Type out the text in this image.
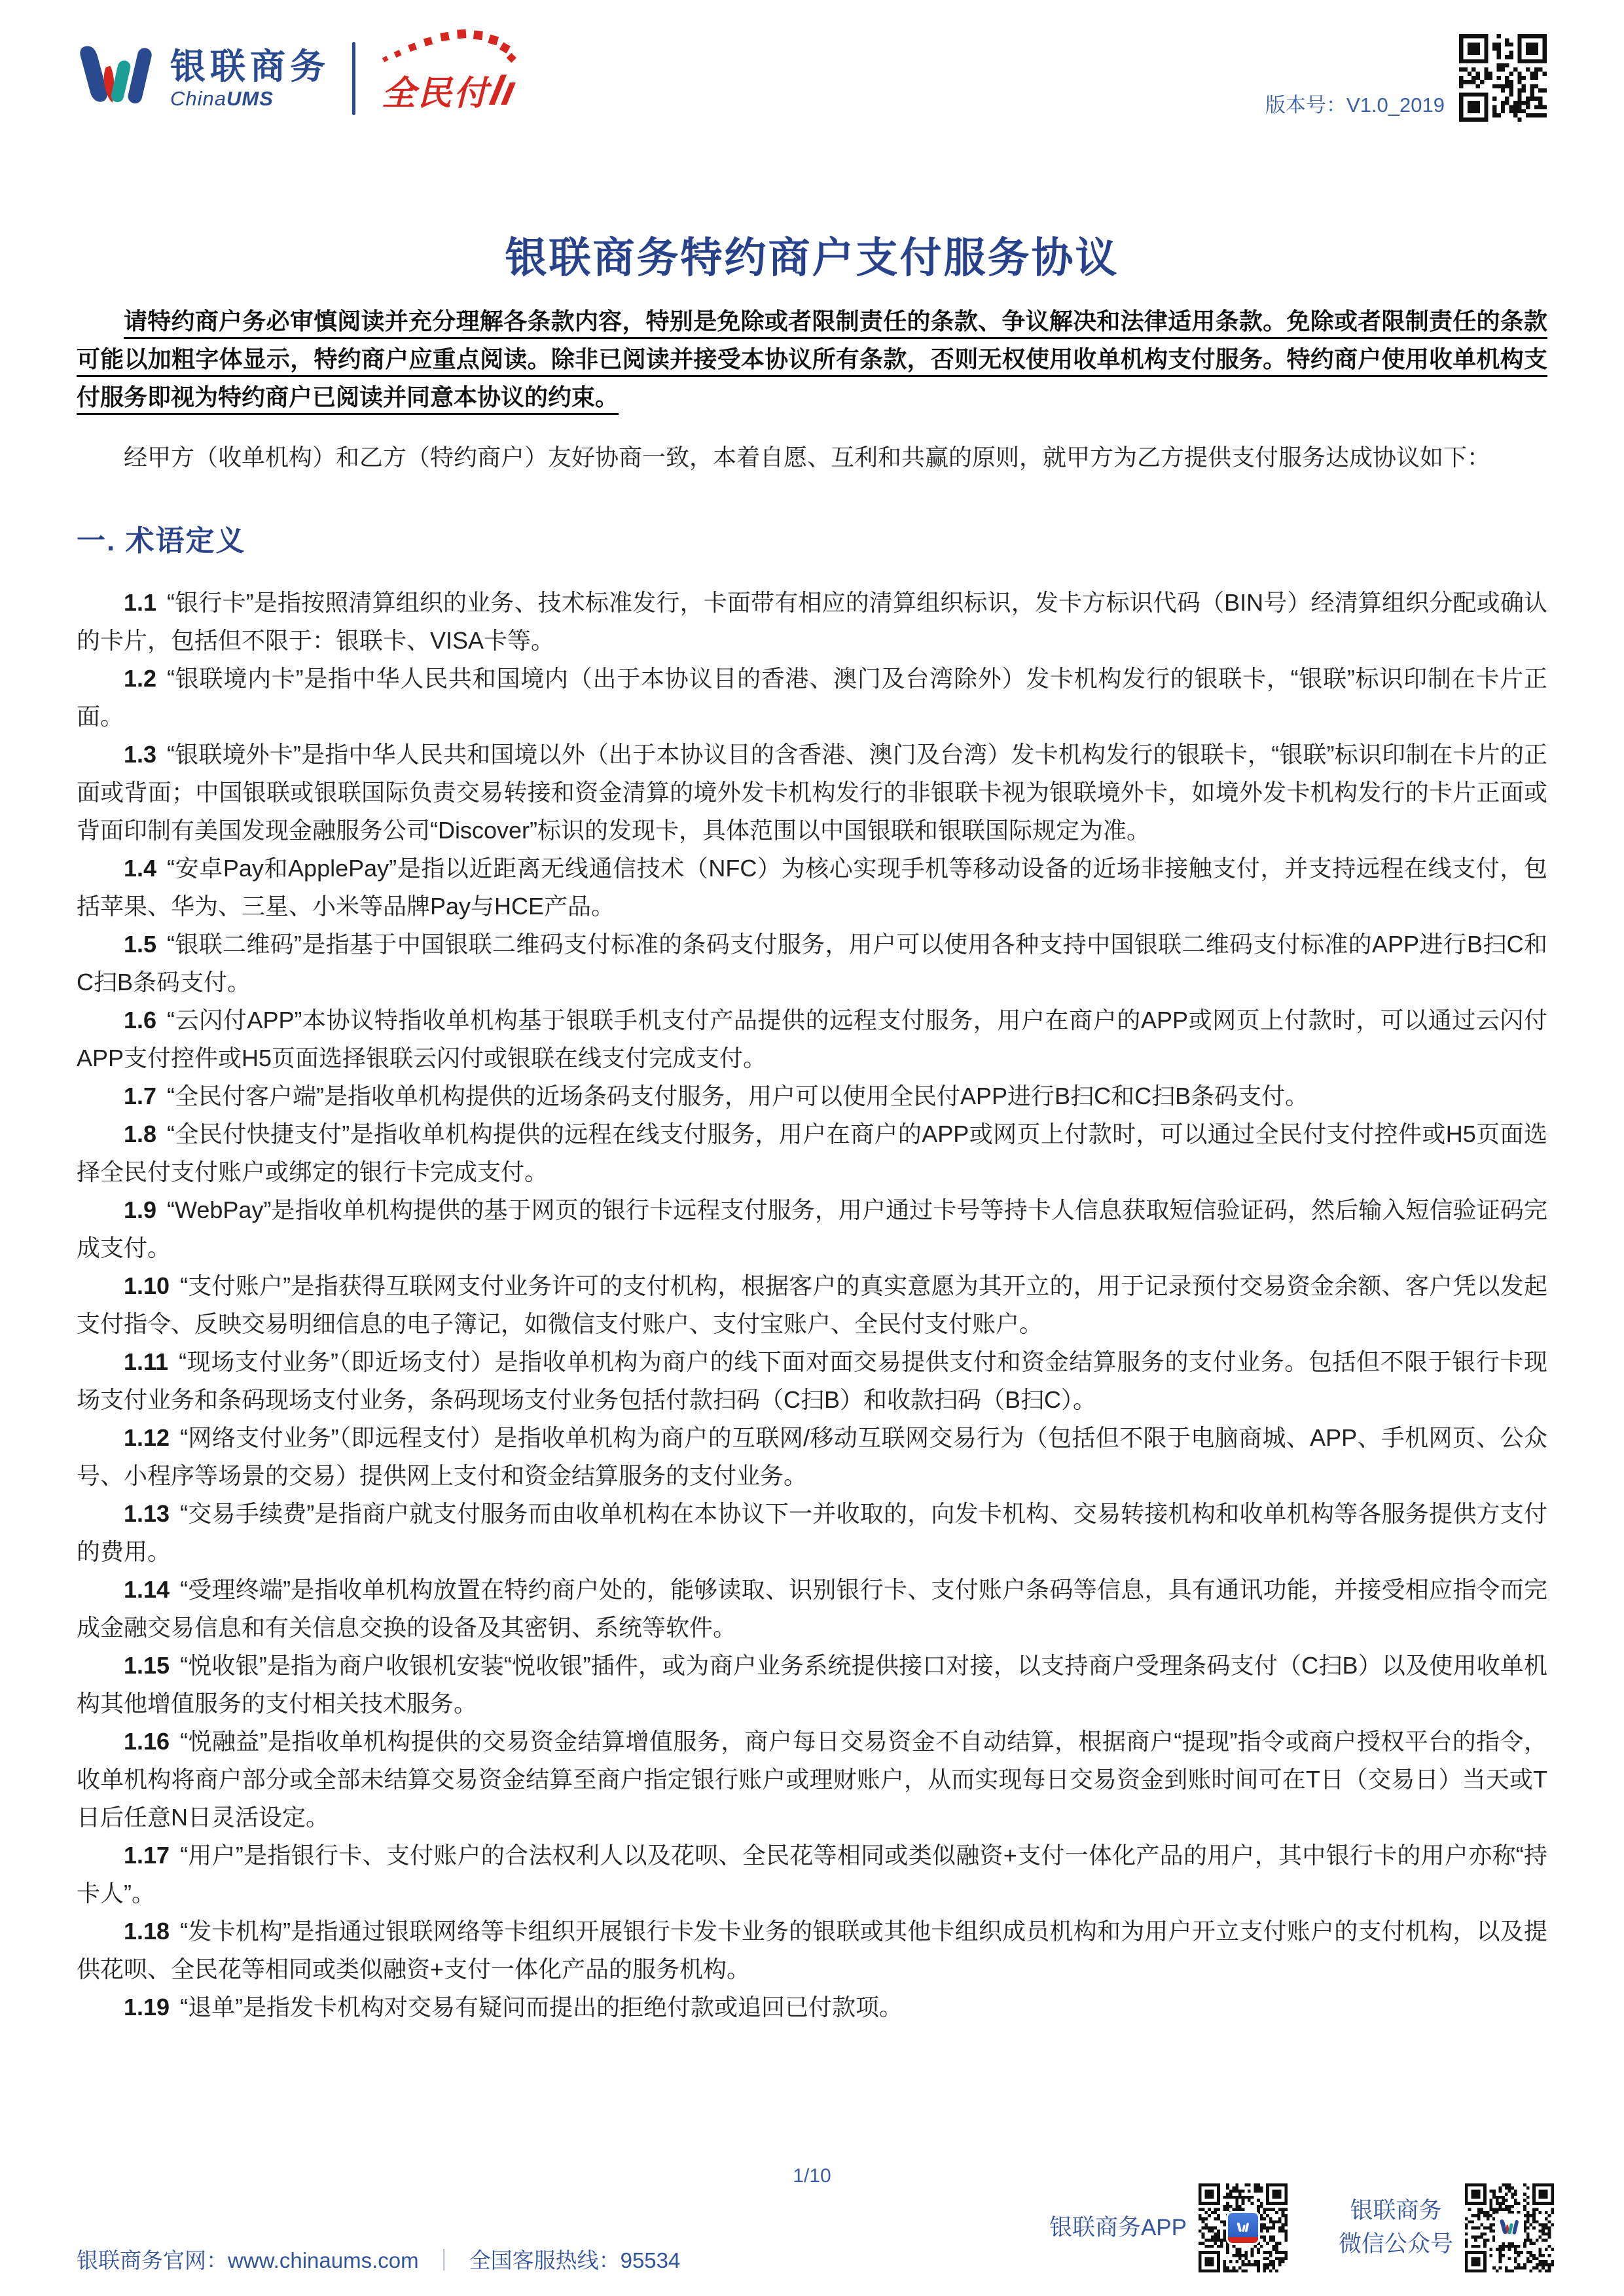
银联商务
ChinaUMS	全民付	版本号：V1.0_2019
银联商务特约商户支付服务协议

请特约商户务必审慎阅读并充分理解各条款内容，特别是免除或者限制责任的条款、争议解决和法律适用条款。免除或者限制责任的条款可能以加粗字体显示，特约商户应重点阅读。除非已阅读并接受本协议所有条款，否则无权使用收单机构支付服务。特约商户使用收单机构支付服务即视为特约商户已阅读并同意本协议的约束。

经甲方（收单机构）和乙方（特约商户）友好协商一致，本着自愿、互利和共赢的原则，就甲方为乙方提供支付服务达成协议如下：

一. 术语定义

1.1 “银行卡”是指按照清算组织的业务、技术标准发行，卡面带有相应的清算组织标识，发卡方标识代码（BIN号）经清算组织分配或确认的卡片，包括但不限于：银联卡、VISA卡等。

1.2 “银联境内卡”是指中华人民共和国境内（出于本协议目的香港、澳门及台湾除外）发卡机构发行的银联卡，“银联”标识印制在卡片正面。

1.3 “银联境外卡”是指中华人民共和国境以外（出于本协议目的含香港、澳门及台湾）发卡机构发行的银联卡，“银联”标识印制在卡片的正面或背面；中国银联或银联国际负责交易转接和资金清算的境外发卡机构发行的非银联卡视为银联境外卡，如境外发卡机构发行的卡片正面或背面印制有美国发现金融服务公司“Discover”标识的发现卡，具体范围以中国银联和银联国际规定为准。

1.4 “安卓Pay和ApplePay”是指以近距离无线通信技术（NFC）为核心实现手机等移动设备的近场非接触支付，并支持远程在线支付，包括苹果、华为、三星、小米等品牌Pay与HCE产品。

1.5 “银联二维码”是指基于中国银联二维码支付标准的条码支付服务，用户可以使用各种支持中国银联二维码支付标准的APP进行B扫C和C扫B条码支付。

1.6 “云闪付APP”本协议特指收单机构基于银联手机支付产品提供的远程支付服务，用户在商户的APP或网页上付款时，可以通过云闪付APP支付控件或H5页面选择银联云闪付或银联在线支付完成支付。

1.7 “全民付客户端”是指收单机构提供的近场条码支付服务，用户可以使用全民付APP进行B扫C和C扫B条码支付。

1.8 “全民付快捷支付”是指收单机构提供的远程在线支付服务，用户在商户的APP或网页上付款时，可以通过全民付支付控件或H5页面选择全民付支付账户或绑定的银行卡完成支付。

1.9 “WebPay”是指收单机构提供的基于网页的银行卡远程支付服务，用户通过卡号等持卡人信息获取短信验证码，然后输入短信验证码完成支付。

1.10 “支付账户”是指获得互联网支付业务许可的支付机构，根据客户的真实意愿为其开立的，用于记录预付交易资金余额、客户凭以发起支付指令、反映交易明细信息的电子簿记，如微信支付账户、支付宝账户、全民付支付账户。

1.11 “现场支付业务”（即近场支付）是指收单机构为商户的线下面对面交易提供支付和资金结算服务的支付业务。包括但不限于银行卡现场支付业务和条码现场支付业务，条码现场支付业务包括付款扫码（C扫B）和收款扫码（B扫C）。

1.12 “网络支付业务”（即远程支付）是指收单机构为商户的互联网/移动互联网交易行为（包括但不限于电脑商城、APP、手机网页、公众号、小程序等场景的交易）提供网上支付和资金结算服务的支付业务。

1.13 “交易手续费”是指商户就支付服务而由收单机构在本协议下一并收取的，向发卡机构、交易转接机构和收单机构等各服务提供方支付的费用。

1.14 “受理终端”是指收单机构放置在特约商户处的，能够读取、识别银行卡、支付账户条码等信息，具有通讯功能，并接受相应指令而完成金融交易信息和有关信息交换的设备及其密钥、系统等软件。

1.15 “悦收银”是指为商户收银机安装“悦收银”插件，或为商户业务系统提供接口对接，以支持商户受理条码支付（C扫B）以及使用收单机构其他增值服务的支付相关技术服务。

1.16 “悦融益”是指收单机构提供的交易资金结算增值服务，商户每日交易资金不自动结算，根据商户“提现”指令或商户授权平台的指令，收单机构将商户部分或全部未结算交易资金结算至商户指定银行账户或理财账户，从而实现每日交易资金到账时间可在T日（交易日）当天或T日后任意N日灵活设定。

1.17 “用户”是指银行卡、支付账户的合法权利人以及花呗、全民花等相同或类似融资+支付一体化产品的用户，其中银行卡的用户亦称“持卡人”。

1.18 “发卡机构”是指通过银联网络等卡组织开展银行卡发卡业务的银联或其他卡组织成员机构和为用户开立支付账户的支付机构，以及提供花呗、全民花等相同或类似融资+支付一体化产品的服务机构。

1.19 “退单”是指发卡机构对交易有疑问而提出的拒绝付款或追回已付款项。

1/10
银联商务官网：www.chinaums.com ｜ 全国客服热线：95534
银联商务APP
银联商务
微信公众号
